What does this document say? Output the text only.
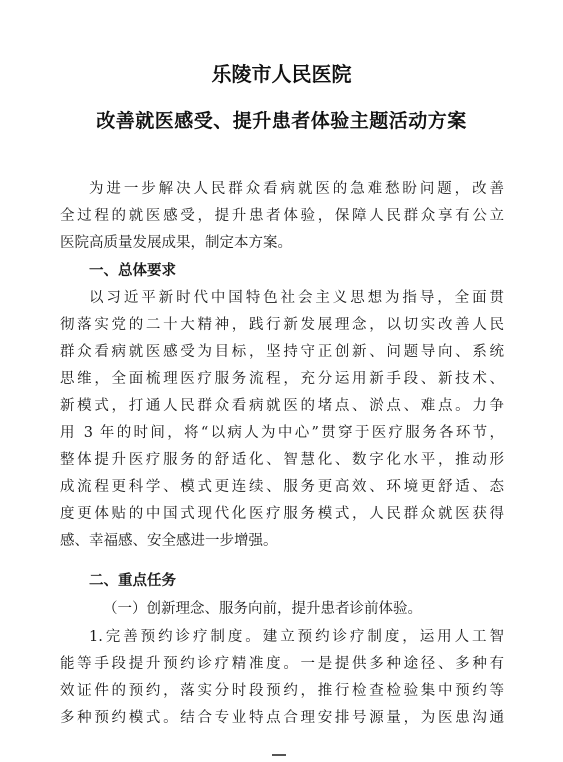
乐陵市人民医院
改善就医感受、提升患者体验主题活动方案
为进一步解决人民群众看病就医的急难愁盼问题，改善
全过程的就医感受，提升患者体验，保障人民群众享有公立
医院高质量发展成果，制定本方案。
一、总体要求
以习近平新时代中国特色社会主义思想为指导，全面贯
彻落实党的二十大精神，践行新发展理念，以切实改善人民
群众看病就医感受为目标，坚持守正创新、问题导向、系统
思维，全面梳理医疗服务流程，充分运用新手段、新技术、
新模式，打通人民群众看病就医的堵点、淤点、难点。力争
用 3 年的时间，将“以病人为中心”贯穿于医疗服务各环节，
整体提升医疗服务的舒适化、智慧化、数字化水平，推动形
成流程更科学、模式更连续、服务更高效、环境更舒适、态
度更体贴的中国式现代化医疗服务模式，人民群众就医获得
感、幸福感、安全感进一步增强。
二、重点任务
（一）创新理念、服务向前，提升患者诊前体验。
1.完善预约诊疗制度。建立预约诊疗制度，运用人工智
能等手段提升预约诊疗精准度。一是提供多种途径、多种有
效证件的预约，落实分时段预约，推行检查检验集中预约等
多种预约模式。结合专业特点合理安排号源量，为医患沟通
